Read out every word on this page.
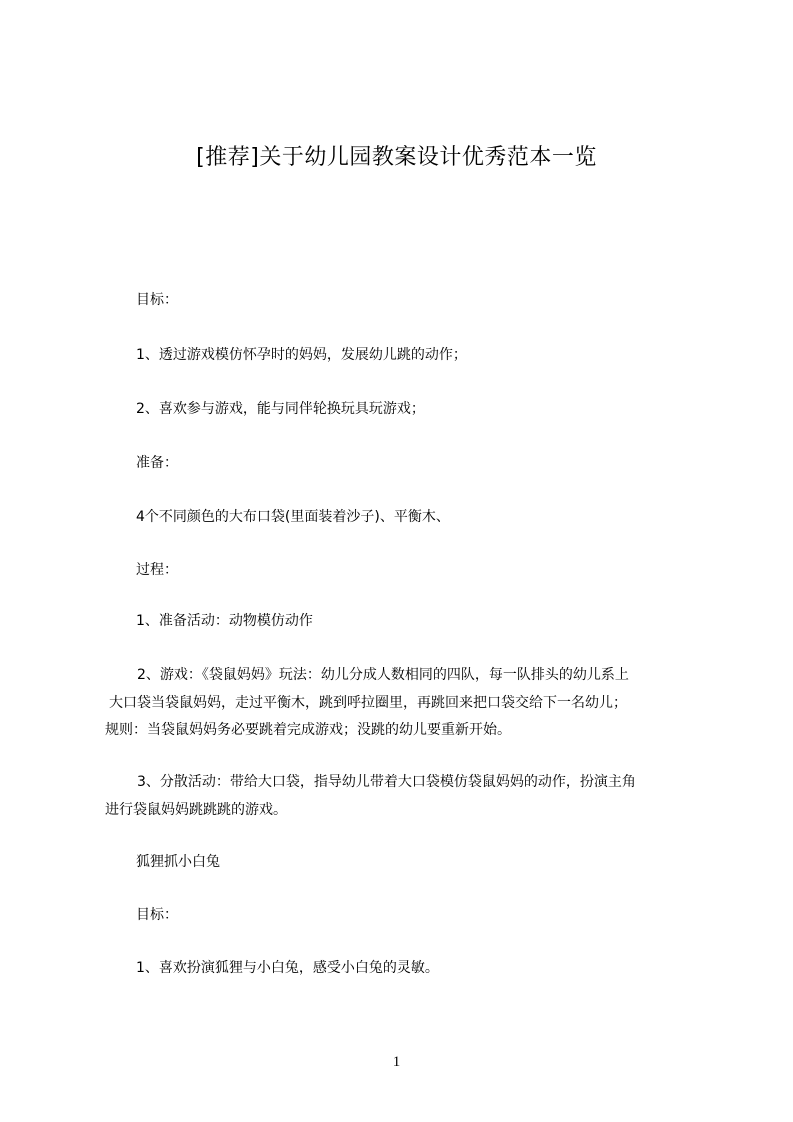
[推荐]关于幼儿园教案设计优秀范本一览
目标：
1、透过游戏模仿怀孕时的妈妈，发展幼儿跳的动作；
2、喜欢参与游戏，能与同伴轮换玩具玩游戏；
准备：
4个不同颜色的大布口袋(里面装着沙子)、平衡木、
过程：
1、准备活动：动物模仿动作
2、游戏：《袋鼠妈妈》玩法：幼儿分成人数相同的四队，每一队排头的幼儿系上
大口袋当袋鼠妈妈，走过平衡木，跳到呼拉圈里，再跳回来把口袋交给下一名幼儿；
规则：当袋鼠妈妈务必要跳着完成游戏；没跳的幼儿要重新开始。
3、分散活动：带给大口袋，指导幼儿带着大口袋模仿袋鼠妈妈的动作，扮演主角
进行袋鼠妈妈跳跳跳的游戏。
狐狸抓小白兔
目标：
1、喜欢扮演狐狸与小白兔，感受小白兔的灵敏。
1
